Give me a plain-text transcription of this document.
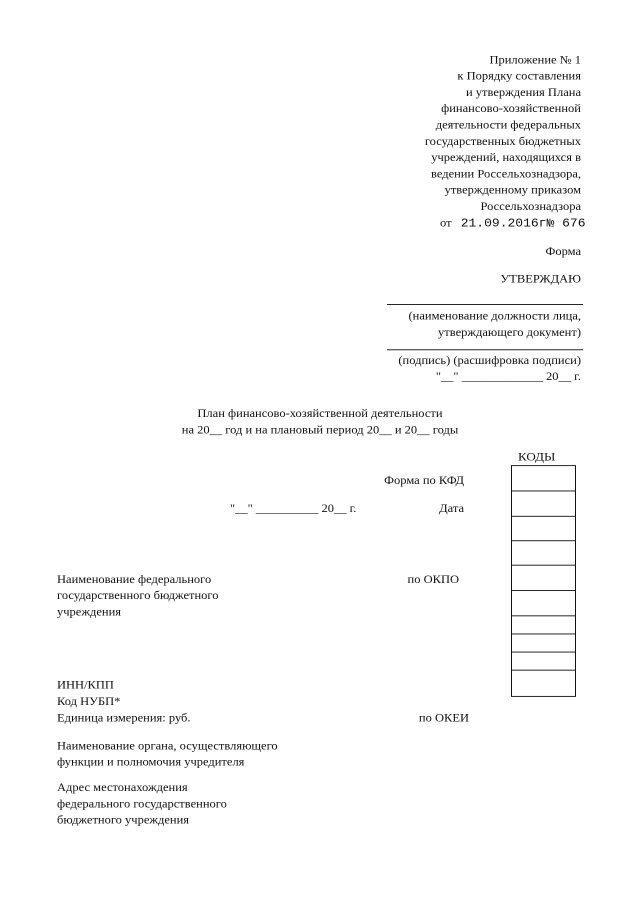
Приложение № 1
к Порядку составления
и утверждения Плана
финансово-хозяйственной
деятельности федеральных
государственных бюджетных
учреждений, находящихся в
ведении Россельхознадзора,
утвержденному приказом
Россельхознадзора
от 21.09.2016г№ 676
Форма
УТВЕРЖДАЮ
(наименование должности лица,
утверждающего документ)
(подпись) (расшифровка подписи)
"__" _____________ 20__ г.
План финансово-хозяйственной деятельности
на 20__ год и на плановый период 20__ и 20__ годы
КОДЫ
Форма по КФД
"__" __________ 20__ г.	Дата
по ОКПО
по ОКЕИ
Наименование федерального
государственного бюджетного
учреждения
ИНН/КПП
Код НУБП*
Единица измерения: руб.
Наименование органа, осуществляющего
функции и полномочия учредителя
Адрес местонахождения
федерального государственного
бюджетного учреждения
